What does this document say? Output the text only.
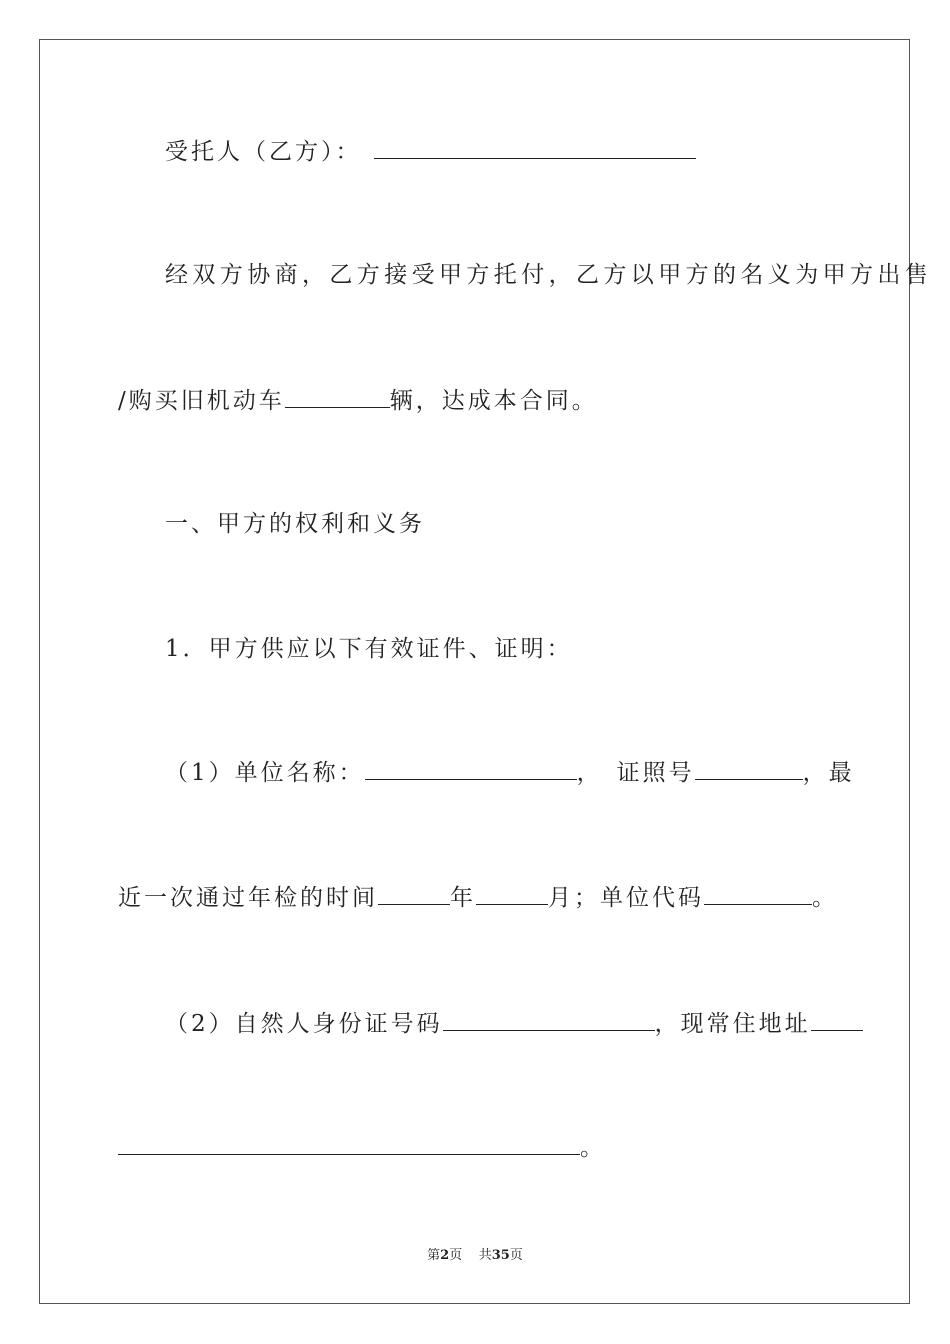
受托人（乙方）：
经双方协商，乙方接受甲方托付，乙方以甲方的名义为甲方出售
/购买旧机动车	辆，达成本合同。
一、甲方的权利和义务
1．甲方供应以下有效证件、证明：
（1）单位名称：	， 证照号	，最
近一次通过年检的时间	年	月；单位代码	。
（2）自然人身份证号码	，现常住地址
。
第2页 共35页
